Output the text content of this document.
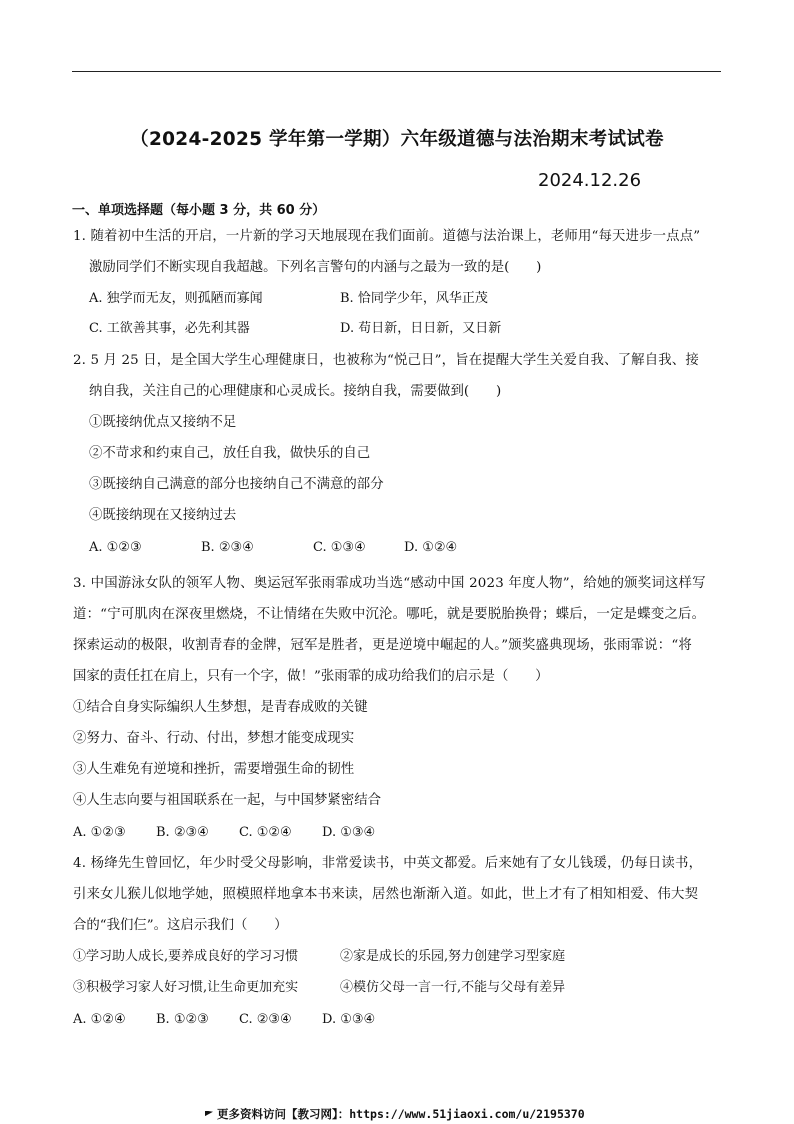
（2024-2025 学年第一学期）六年级道德与法治期末考试试卷
2024.12.26
一、单项选择题（每小题 3 分，共 60 分）
1. 随着初中生活的开启，一片新的学习天地展现在我们面前。道德与法治课上，老师用“每天进步一点点”
激励同学们不断实现自我超越。下列名言警句的内涵与之最为一致的是(　　)
A. 独学而无友，则孤陋而寡闻	B. 恰同学少年，风华正茂
C. 工欲善其事，必先利其器	D. 苟日新，日日新，又日新
2. 5 月 25 日，是全国大学生心理健康日，也被称为“悦己日”，旨在提醒大学生关爱自我、了解自我、接
纳自我，关注自己的心理健康和心灵成长。接纳自我，需要做到(　　)
①既接纳优点又接纳不足
②不苛求和约束自己，放任自我，做快乐的自己
③既接纳自己满意的部分也接纳自己不满意的部分
④既接纳现在又接纳过去
A. ①②③	B. ②③④	C. ①③④	D. ①②④
3. 中国游泳女队的领军人物、奥运冠军张雨霏成功当选“感动中国 2023 年度人物”，给她的颁奖词这样写
道：“宁可肌肉在深夜里燃烧，不让情绪在失败中沉沦。哪吒，就是要脱胎换骨；蝶后，一定是蝶变之后。
探索运动的极限，收割青春的金牌，冠军是胜者，更是逆境中崛起的人。”颁奖盛典现场，张雨霏说：“将
国家的责任扛在肩上，只有一个字，做！”张雨霏的成功给我们的启示是（　　）
①结合自身实际编织人生梦想，是青春成败的关键
②努力、奋斗、行动、付出，梦想才能变成现实
③人生难免有逆境和挫折，需要增强生命的韧性
④人生志向要与祖国联系在一起，与中国梦紧密结合
A. ①②③ B. ②③④ C. ①②④ D. ①③④
4. 杨绛先生曾回忆，年少时受父母影响，非常爱读书，中英文都爱。后来她有了女儿钱瑗，仍每日读书，
引来女儿猴儿似地学她，照模照样地拿本书来读，居然也渐渐入道。如此，世上才有了相知相爱、伟大契
合的“我们仨”。这启示我们（　　）
①学习助人成长,要养成良好的学习习惯	②家是成长的乐园,努力创建学习型家庭
③积极学习家人好习惯,让生命更加充实	④模仿父母一言一行,不能与父母有差异
A. ①②④ B. ①②③ C. ②③④ D. ①③④
更多资料访问【教习网】：https://www.51jiaoxi.com/u/2195370
